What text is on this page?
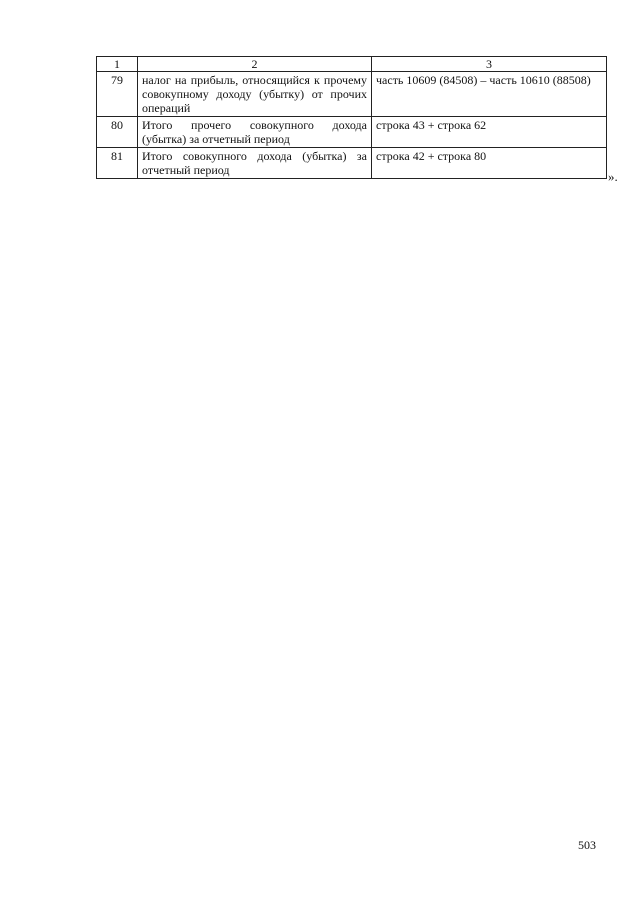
1	2	3
79	налог на прибыль, относящийся к прочему совокупному доходу (убытку) от прочих операций	часть 10609 (84508) – часть 10610 (88508)
80	Итого прочего совокупного дохода (убытка) за отчетный период	строка 43 + строка 62
81	Итого совокупного дохода (убытка) за отчетный период	строка 42 + строка 80
».
503
